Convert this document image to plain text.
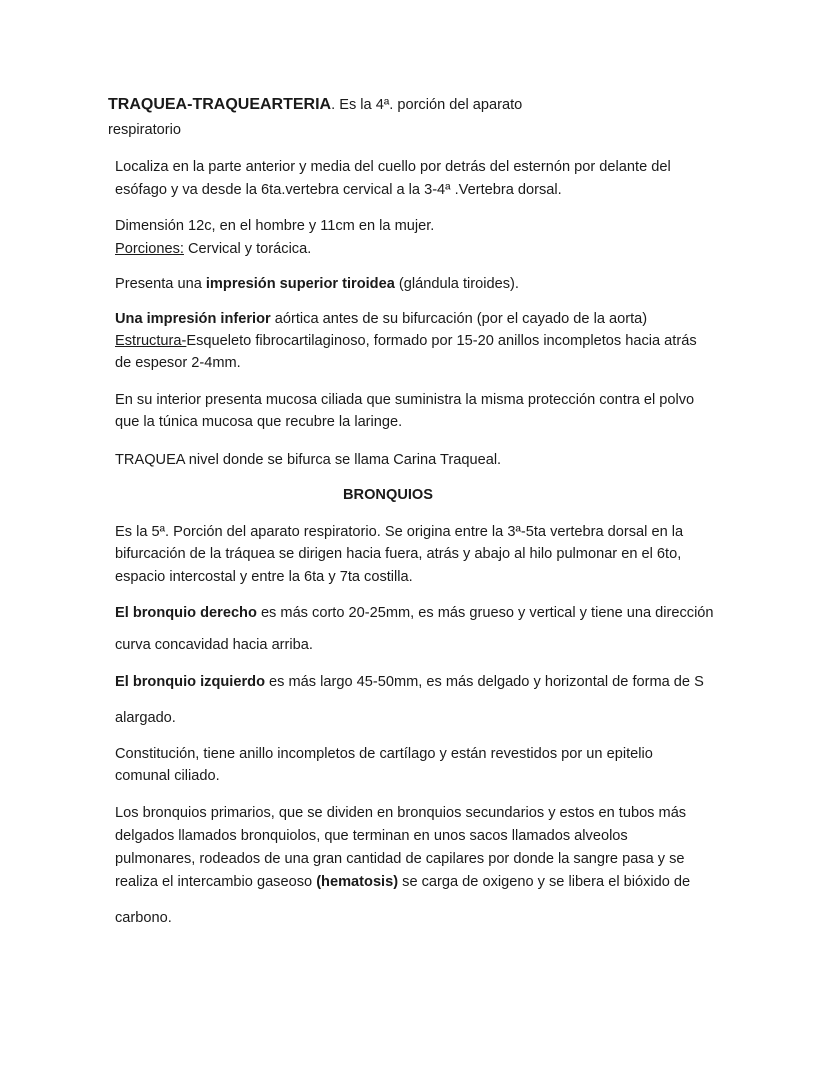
TRAQUEA-TRAQUEARTERIA. Es la 4ª. porción del aparato
respiratorio
Localiza en la parte anterior y media del cuello por detrás del esternón por delante del
esófago y va desde la 6ta.vertebra cervical a la 3-4ª .Vertebra dorsal.
Dimensión 12c, en el hombre y 11cm en la mujer.
Porciones: Cervical y torácica.
Presenta una impresión superior tiroidea (glándula tiroides).
Una impresión inferior aórtica antes de su bifurcación (por el cayado de la aorta)
Estructura-Esqueleto fibrocartilaginoso, formado por 15-20 anillos incompletos hacia atrás
de espesor 2-4mm.
En su interior presenta mucosa ciliada que suministra la misma protección contra el polvo
que la túnica mucosa que recubre la laringe.
TRAQUEA nivel donde se bifurca se llama Carina Traqueal.
BRONQUIOS
Es la 5ª. Porción del aparato respiratorio. Se origina entre la 3ª-5ta vertebra dorsal en la
bifurcación de la tráquea se dirigen hacia fuera, atrás y abajo al hilo pulmonar en el 6to,
espacio intercostal y entre la 6ta y 7ta costilla.
El bronquio derecho es más corto 20-25mm, es más grueso y vertical y tiene una dirección
curva concavidad hacia arriba.
El bronquio izquierdo es más largo 45-50mm, es más delgado y horizontal de forma de S
alargado.
Constitución, tiene anillo incompletos de cartílago y están revestidos por un epitelio
comunal ciliado.
Los bronquios primarios, que se dividen en bronquios secundarios y estos en tubos más
delgados llamados bronquiolos, que terminan en unos sacos llamados alveolos
pulmonares, rodeados de una gran cantidad de capilares por donde la sangre pasa y se
realiza el intercambio gaseoso (hematosis) se carga de oxigeno y se libera el bióxido de
carbono.
